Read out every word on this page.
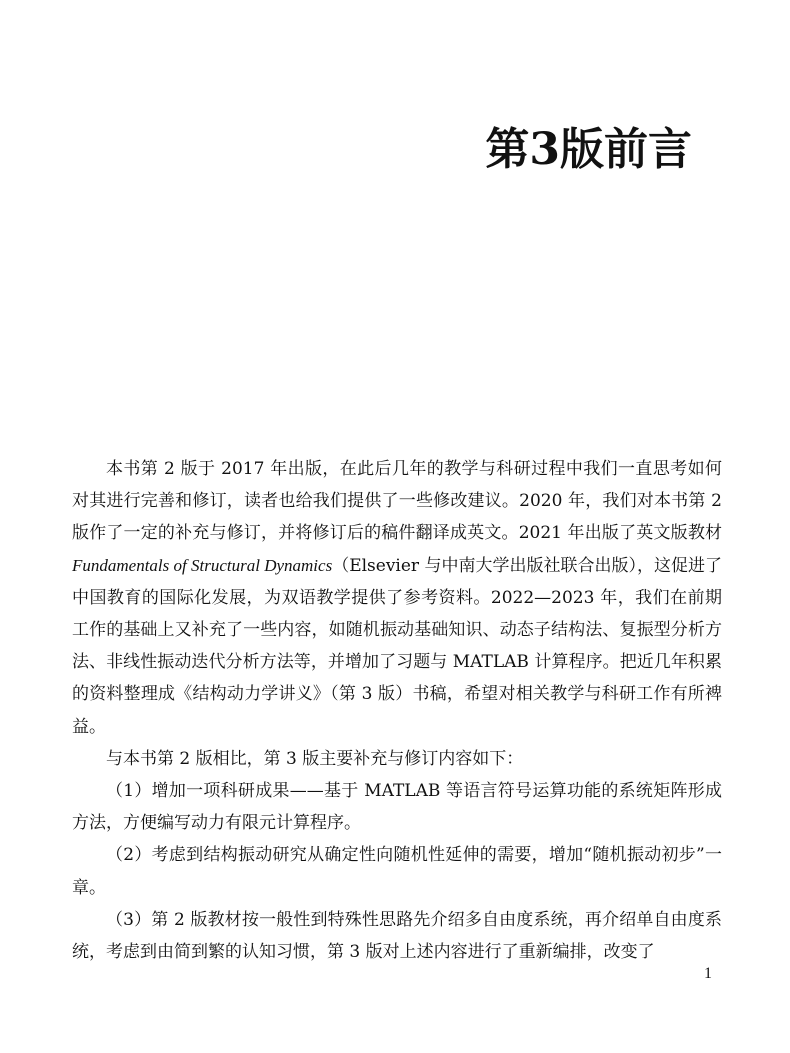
第3版前言

本书第 2 版于 2017 年出版，在此后几年的教学与科研过程中我们一直思考如何对其进行完善和修订，读者也给我们提供了一些修改建议。2020 年，我们对本书第 2 版作了一定的补充与修订，并将修订后的稿件翻译成英文。2021 年出版了英文版教材 Fundamentals of Structural Dynamics（Elsevier 与中南大学出版社联合出版），这促进了中国教育的国际化发展，为双语教学提供了参考资料。2022—2023 年，我们在前期工作的基础上又补充了一些内容，如随机振动基础知识、动态子结构法、复振型分析方法、非线性振动迭代分析方法等，并增加了习题与 MATLAB 计算程序。把近几年积累的资料整理成《结构动力学讲义》（第 3 版）书稿，希望对相关教学与科研工作有所裨益。

与本书第 2 版相比，第 3 版主要补充与修订内容如下：

（1）增加一项科研成果——基于 MATLAB 等语言符号运算功能的系统矩阵形成方法，方便编写动力有限元计算程序。

（2）考虑到结构振动研究从确定性向随机性延伸的需要，增加“随机振动初步”一章。

（3）第 2 版教材按一般性到特殊性思路先介绍多自由度系统，再介绍单自由度系统，考虑到由简到繁的认知习惯，第 3 版对上述内容进行了重新编排，改变了

1
